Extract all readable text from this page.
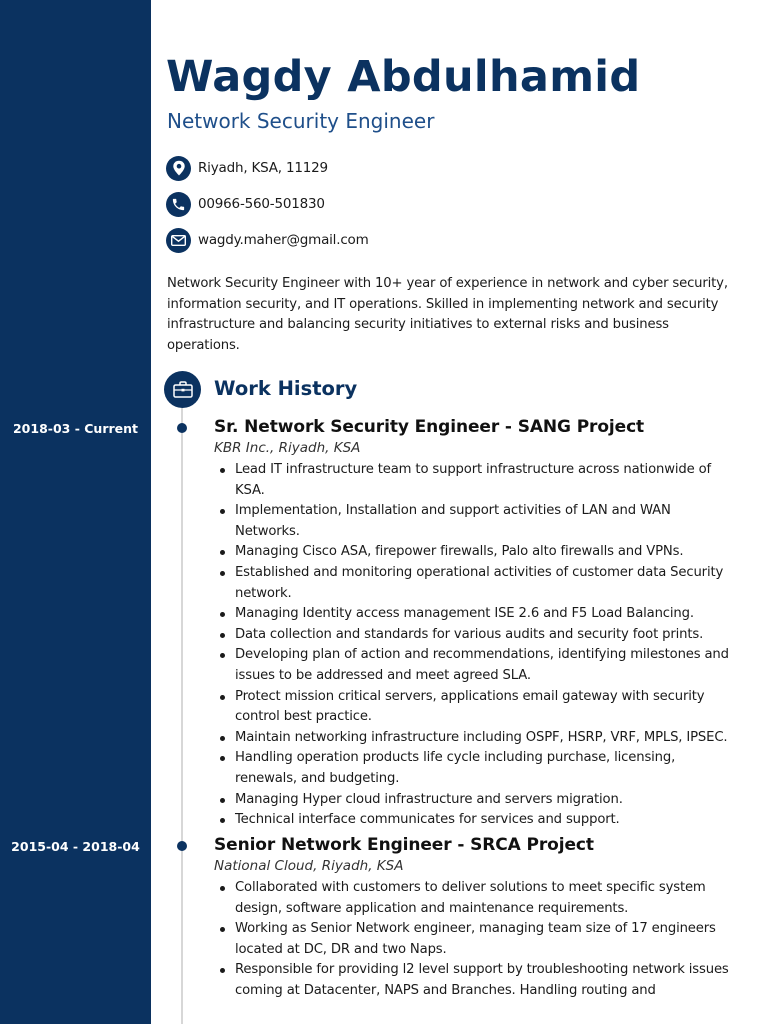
Wagdy Abdulhamid
Network Security Engineer
Riyadh, KSA, 11129
00966-560-501830
wagdy.maher@gmail.com
Network Security Engineer with 10+ year of experience in network and cyber security, information security, and IT operations. Skilled in implementing network and security infrastructure and balancing security initiatives to external risks and business operations.
Work History
2018-03 - Current	Sr. Network Security Engineer - SANG Project
KBR Inc., Riyadh, KSA
Lead IT infrastructure team to support infrastructure across nationwide of KSA.
Implementation, Installation and support activities of LAN and WAN Networks.
Managing Cisco ASA, firepower firewalls, Palo alto firewalls and VPNs.
Established and monitoring operational activities of customer data Security network.
Managing Identity access management ISE 2.6 and F5 Load Balancing.
Data collection and standards for various audits and security foot prints.
Developing plan of action and recommendations, identifying milestones and issues to be addressed and meet agreed SLA.
Protect mission critical servers, applications email gateway with security control best practice.
Maintain networking infrastructure including OSPF, HSRP, VRF, MPLS, IPSEC.
Handling operation products life cycle including purchase, licensing, renewals, and budgeting.
Managing Hyper cloud infrastructure and servers migration.
Technical interface communicates for services and support.
2015-04 - 2018-04	Senior Network Engineer - SRCA Project
National Cloud, Riyadh, KSA
Collaborated with customers to deliver solutions to meet specific system design, software application and maintenance requirements.
Working as Senior Network engineer, managing team size of 17 engineers located at DC, DR and two Naps.
Responsible for providing l2 level support by troubleshooting network issues coming at Datacenter, NAPS and Branches. Handling routing and
